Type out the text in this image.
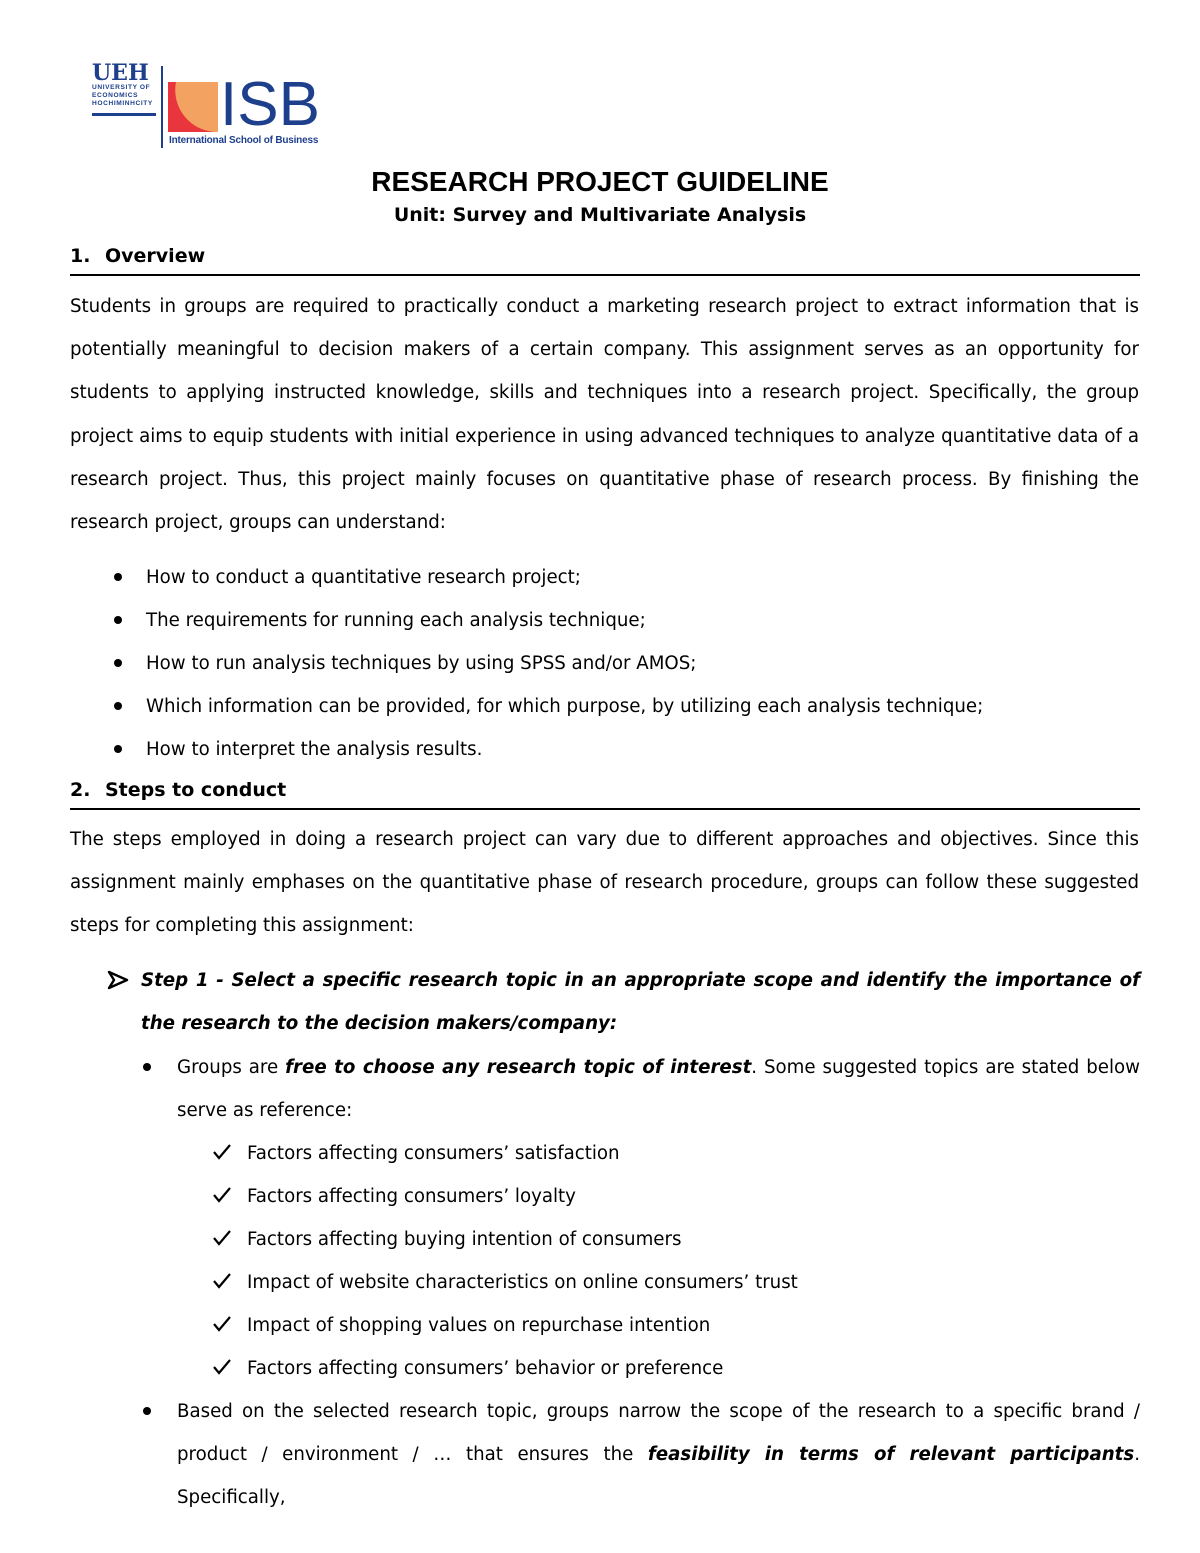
UEH
UNIVERSITY OF
ECONOMICS
HOCHIMINHCITY ISB
International School of Business
RESEARCH PROJECT GUIDELINE
Unit: Survey and Multivariate Analysis
1. Overview
Students in groups are required to practically conduct a marketing research project to extract information that is potentially meaningful to decision makers of a certain company. This assignment serves as an opportunity for students to applying instructed knowledge, skills and techniques into a research project. Specifically, the group project aims to equip students with initial experience in using advanced techniques to analyze quantitative data of a research project. Thus, this project mainly focuses on quantitative phase of research process. By finishing the research project, groups can understand:
How to conduct a quantitative research project;
The requirements for running each analysis technique;
How to run analysis techniques by using SPSS and/or AMOS;
Which information can be provided, for which purpose, by utilizing each analysis technique;
How to interpret the analysis results.
2. Steps to conduct
The steps employed in doing a research project can vary due to different approaches and objectives. Since this assignment mainly emphases on the quantitative phase of research procedure, groups can follow these suggested steps for completing this assignment:
Step 1 - Select a specific research topic in an appropriate scope and identify the importance of the research to the decision makers/company:
Groups are free to choose any research topic of interest. Some suggested topics are stated below serve as reference:
Factors affecting consumers’ satisfaction
Factors affecting consumers’ loyalty
Factors affecting buying intention of consumers
Impact of website characteristics on online consumers’ trust
Impact of shopping values on repurchase intention
Factors affecting consumers’ behavior or preference
Based on the selected research topic, groups narrow the scope of the research to a specific brand / product / environment / … that ensures the feasibility in terms of relevant participants. Specifically,
